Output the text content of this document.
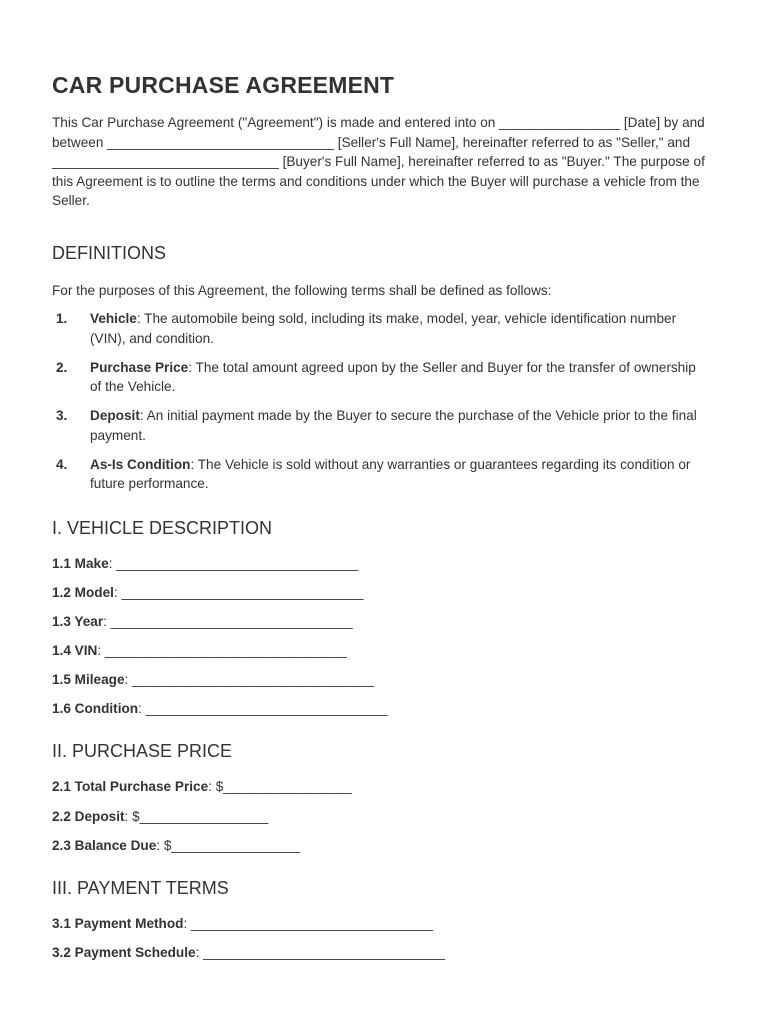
CAR PURCHASE AGREEMENT

This Car Purchase Agreement ("Agreement") is made and entered into on ________________ [Date] by and between ______________________________ [Seller's Full Name], hereinafter referred to as "Seller," and ______________________________ [Buyer's Full Name], hereinafter referred to as "Buyer." The purpose of this Agreement is to outline the terms and conditions under which the Buyer will purchase a vehicle from the Seller.

DEFINITIONS

For the purposes of this Agreement, the following terms shall be defined as follows:

1.	Vehicle: The automobile being sold, including its make, model, year, vehicle identification number (VIN), and condition.
2.	Purchase Price: The total amount agreed upon by the Seller and Buyer for the transfer of ownership of the Vehicle.
3.	Deposit: An initial payment made by the Buyer to secure the purchase of the Vehicle prior to the final payment.
4.	As-Is Condition: The Vehicle is sold without any warranties or guarantees regarding its condition or future performance.
I. VEHICLE DESCRIPTION
1.1 Make: ________________________________
1.2 Model: ________________________________
1.3 Year: ________________________________
1.4 VIN: ________________________________
1.5 Mileage: ________________________________
1.6 Condition: ________________________________
II. PURCHASE PRICE
2.1 Total Purchase Price: $_________________
2.2 Deposit: $_________________
2.3 Balance Due: $_________________
III. PAYMENT TERMS
3.1 Payment Method: ________________________________
3.2 Payment Schedule: ________________________________
